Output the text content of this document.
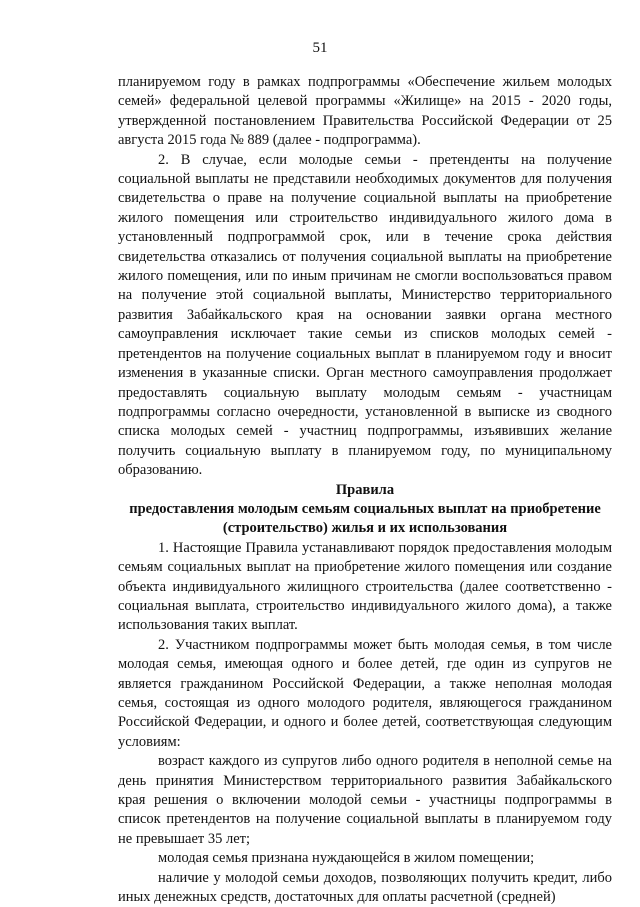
51

планируемом году в рамках подпрограммы «Обеспечение жильем молодых семей» федеральной целевой программы «Жилище» на 2015 - 2020 годы, утвержденной постановлением Правительства Российской Федерации от 25 августа 2015 года № 889 (далее - подпрограмма).

2. В случае, если молодые семьи - претенденты на получение социальной выплаты не представили необходимых документов для получения свидетельства о праве на получение социальной выплаты на приобретение жилого помещения или строительство индивидуального жилого дома в установленный подпрограммой срок, или в течение срока действия свидетельства отказались от получения социальной выплаты на приобретение жилого помещения, или по иным причинам не смогли воспользоваться правом на получение этой социальной выплаты, Министерство территориального развития Забайкальского края на основании заявки органа местного самоуправления исключает такие семьи из списков молодых семей - претендентов на получение социальных выплат в планируемом году и вносит изменения в указанные списки. Орган местного самоуправления продолжает предоставлять социальную выплату молодым семьям - участницам подпрограммы согласно очередности, установленной в выписке из сводного списка молодых семей - участниц подпрограммы, изъявивших желание получить социальную выплату в планируемом году, по муниципальному образованию.

Правила

предоставления молодым семьям социальных выплат на приобретение

(строительство) жилья и их использования

1. Настоящие Правила устанавливают порядок предоставления молодым семьям социальных выплат на приобретение жилого помещения или создание объекта индивидуального жилищного строительства (далее соответственно - социальная выплата, строительство индивидуального жилого дома), а также использования таких выплат.

2. Участником подпрограммы может быть молодая семья, в том числе молодая семья, имеющая одного и более детей, где один из супругов не является гражданином Российской Федерации, а также неполная молодая семья, состоящая из одного молодого родителя, являющегося гражданином Российской Федерации, и одного и более детей, соответствующая следующим условиям:

возраст каждого из супругов либо одного родителя в неполной семье на день принятия Министерством территориального развития Забайкальского края решения о включении молодой семьи - участницы подпрограммы в список претендентов на получение социальной выплаты в планируемом году не превышает 35 лет;

молодая семья признана нуждающейся в жилом помещении;

наличие у молодой семьи доходов, позволяющих получить кредит, либо иных денежных средств, достаточных для оплаты расчетной (средней)
